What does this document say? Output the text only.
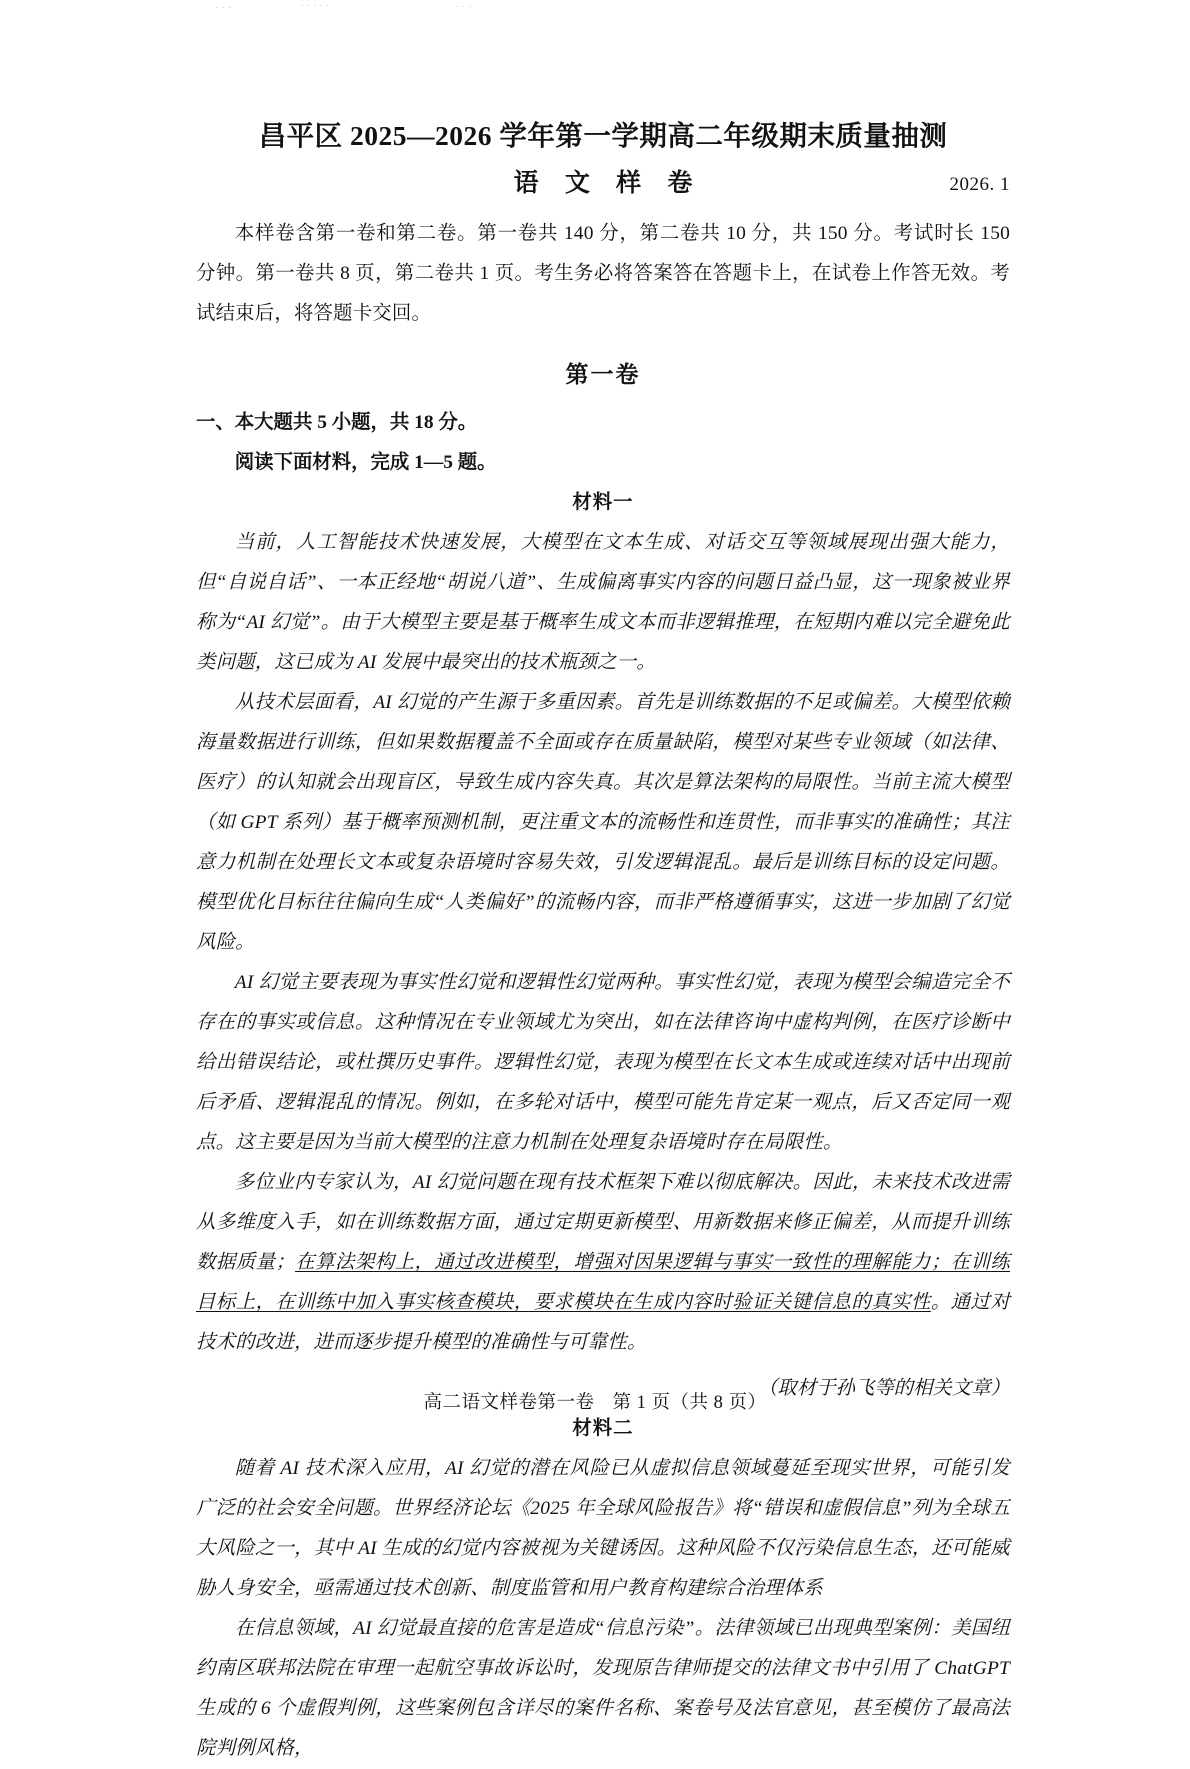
· · ·	· · · · ·	· · ·
昌平区 2025—2026 学年第一学期高二年级期末质量抽测
语 文 样 卷	2026. 1

本样卷含第一卷和第二卷。第一卷共 140 分，第二卷共 10 分，共 150 分。考试时长 150 分钟。第一卷共 8 页，第二卷共 1 页。考生务必将答案答在答题卡上，在试卷上作答无效。考试结束后，将答题卡交回。

第一卷

一、本大题共 5 小题，共 18 分。

阅读下面材料，完成 1—5 题。

材料一

当前，人工智能技术快速发展，大模型在文本生成、对话交互等领域展现出强大能力，但“自说自话”、一本正经地“胡说八道”、生成偏离事实内容的问题日益凸显，这一现象被业界称为“AI 幻觉”。由于大模型主要是基于概率生成文本而非逻辑推理，在短期内难以完全避免此类问题，这已成为 AI 发展中最突出的技术瓶颈之一。

从技术层面看，AI 幻觉的产生源于多重因素。首先是训练数据的不足或偏差。大模型依赖海量数据进行训练，但如果数据覆盖不全面或存在质量缺陷，模型对某些专业领域（如法律、医疗）的认知就会出现盲区，导致生成内容失真。其次是算法架构的局限性。当前主流大模型（如 GPT 系列）基于概率预测机制，更注重文本的流畅性和连贯性，而非事实的准确性；其注意力机制在处理长文本或复杂语境时容易失效，引发逻辑混乱。最后是训练目标的设定问题。模型优化目标往往偏向生成“人类偏好”的流畅内容，而非严格遵循事实，这进一步加剧了幻觉风险。

AI 幻觉主要表现为事实性幻觉和逻辑性幻觉两种。事实性幻觉，表现为模型会编造完全不存在的事实或信息。这种情况在专业领域尤为突出，如在法律咨询中虚构判例，在医疗诊断中给出错误结论，或杜撰历史事件。逻辑性幻觉，表现为模型在长文本生成或连续对话中出现前后矛盾、逻辑混乱的情况。例如，在多轮对话中，模型可能先肯定某一观点，后又否定同一观点。这主要是因为当前大模型的注意力机制在处理复杂语境时存在局限性。

多位业内专家认为，AI 幻觉问题在现有技术框架下难以彻底解决。因此，未来技术改进需从多维度入手，如在训练数据方面，通过定期更新模型、用新数据来修正偏差，从而提升训练数据质量；在算法架构上，通过改进模型，增强对因果逻辑与事实一致性的理解能力；在训练目标上，在训练中加入事实核查模块，要求模块在生成内容时验证关键信息的真实性。通过对技术的改进，进而逐步提升模型的准确性与可靠性。

（取材于孙飞等的相关文章）

材料二

随着 AI 技术深入应用，AI 幻觉的潜在风险已从虚拟信息领域蔓延至现实世界，可能引发广泛的社会安全问题。世界经济论坛《2025 年全球风险报告》将“错误和虚假信息”列为全球五大风险之一，其中 AI 生成的幻觉内容被视为关键诱因。这种风险不仅污染信息生态，还可能威胁人身安全，亟需通过技术创新、制度监管和用户教育构建综合治理体系

在信息领域，AI 幻觉最直接的危害是造成“信息污染”。法律领域已出现典型案例：美国纽约南区联邦法院在审理一起航空事故诉讼时，发现原告律师提交的法律文书中引用了 ChatGPT 生成的 6 个虚假判例，这些案例包含详尽的案件名称、案卷号及法官意见，甚至模仿了最高法院判例风格，

高二语文样卷第一卷 第 1 页（共 8 页）
